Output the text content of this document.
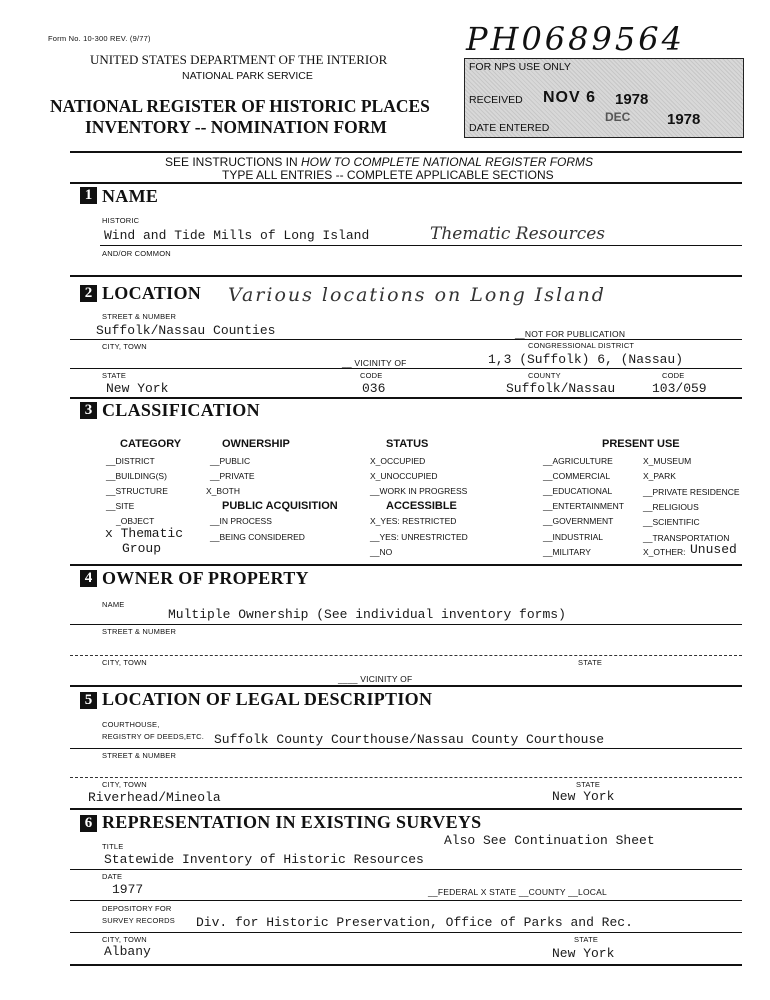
Form No. 10-300 REV. (9/77)
UNITED STATES DEPARTMENT OF THE INTERIOR
NATIONAL PARK SERVICE
NATIONAL REGISTER OF HISTORIC PLACES
INVENTORY -- NOMINATION FORM
PH0689564
FOR NPS USE ONLY
RECEIVED NOV 6 1978
DATE ENTERED
DEC 1978
SEE INSTRUCTIONS IN HOW TO COMPLETE NATIONAL REGISTER FORMS
TYPE ALL ENTRIES -- COMPLETE APPLICABLE SECTIONS
1 NAME
HISTORIC
Wind and Tide Mills of Long Island	Thematic Resources
AND/OR COMMON
2 LOCATION Various locations on Long Island
STREET & NUMBER
Suffolk/Nassau Counties	__NOT FOR PUBLICATION
CITY, TOWN	CONGRESSIONAL DISTRICT
1,3 (Suffolk) 6, (Nassau)
__ VICINITY OF
STATE	CODE	COUNTY	CODE
New York	036	Suffolk/Nassau	103/059
3 CLASSIFICATION
CATEGORY	OWNERSHIP	STATUS	PRESENT USE
__DISTRICT
__BUILDING(S)
__STRUCTURE
__SITE
_OBJECT
x Thematic
Group
__PUBLIC
__PRIVATE
X_BOTH
PUBLIC ACQUISITION
__IN PROCESS
__BEING CONSIDERED
X_OCCUPIED
X_UNOCCUPIED
__WORK IN PROGRESS
ACCESSIBLE
X_YES: RESTRICTED
__YES: UNRESTRICTED
__NO
__AGRICULTURE
__COMMERCIAL
__EDUCATIONAL
__ENTERTAINMENT
__GOVERNMENT
__INDUSTRIAL
__MILITARY
X_MUSEUM
X_PARK
__PRIVATE RESIDENCE
__RELIGIOUS
__SCIENTIFIC
__TRANSPORTATION
X_OTHER: Unused
4 OWNER OF PROPERTY
NAME
Multiple Ownership (See individual inventory forms)
STREET & NUMBER
CITY, TOWN	STATE
____ VICINITY OF
5 LOCATION OF LEGAL DESCRIPTION
COURTHOUSE,
REGISTRY OF DEEDS,ETC. Suffolk County Courthouse/Nassau County Courthouse
STREET & NUMBER
CITY, TOWN	STATE
Riverhead/Mineola	New York
6 REPRESENTATION IN EXISTING SURVEYS
Also See Continuation Sheet
TITLE
Statewide Inventory of Historic Resources
DATE
1977	__FEDERAL X STATE __COUNTY __LOCAL
DEPOSITORY FOR
SURVEY RECORDS Div. for Historic Preservation, Office of Parks and Rec.
CITY, TOWN	STATE
Albany	New York
